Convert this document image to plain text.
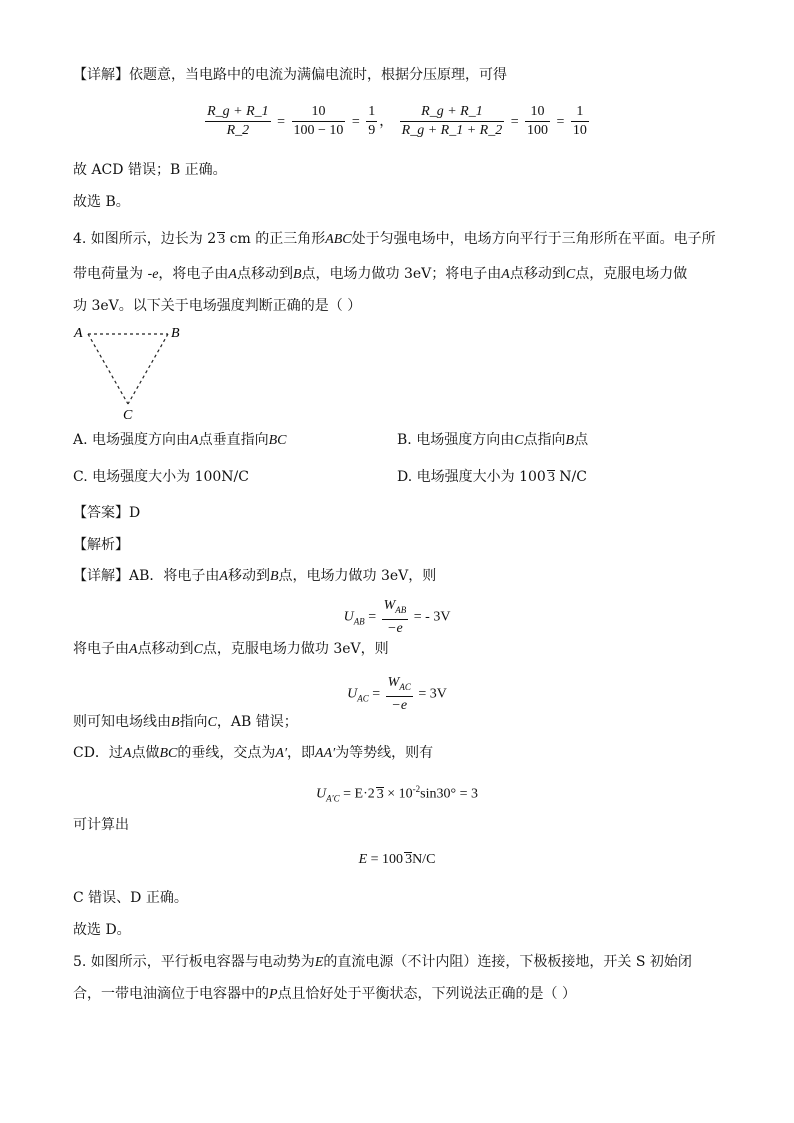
【详解】依题意，当电路中的电流为满偏电流时，根据分压原理，可得
$\frac{R\_g + R\_1}{R\_2} = \frac{10}{100 - 10} = \frac{1}{9}$ ， $\frac{R\_g + R\_1}{R\_g + R\_1 + R\_2} = \frac{10}{100} = \frac{1}{10}$
故 ACD 错误；B 正确。
故选 B。
4. 如图所示，边长为 2 3 cm 的正三角形ABC处于匀强电场中，电场方向平行于三角形所在平面。电子所
带电荷量为 -e，将电子由A点移动到B点，电场力做功 3eV；将电子由A点移动到C点，克服电场力做
功 3eV。以下关于电场强度判断正确的是（ ）
A	B
C
A. 电场强度方向由A点垂直指向BC	B. 电场强度方向由C点指向B点
C. 电场强度大小为 100N/C	D. 电场强度大小为 100 3 N/C
【答案】D
【解析】
【详解】AB．将电子由A移动到B点，电场力做功 3eV，则
$U_{AB} = \frac{W_{AB}}{-e}$ = - 3V
将电子由A点移动到C点，克服电场力做功 3eV，则
$U_{AC} = \frac{W_{AC}}{-e} = 3V$
则可知电场线由B指向C，AB 错误；
CD．过A点做BC的垂线，交点为A′，即AA′为等势线，则有
$U_{A'C} = E\cdot 2$ $3 \times 10^{-2}\sin 30^\circ = 3$
可计算出
E = 100 3N/C
C 错误、D 正确。
故选 D。
5. 如图所示，平行板电容器与电动势为E的直流电源（不计内阻）连接，下极板接地，开关 S 初始闭
合，一带电油滴位于电容器中的P点且恰好处于平衡状态，下列说法正确的是（ ）
